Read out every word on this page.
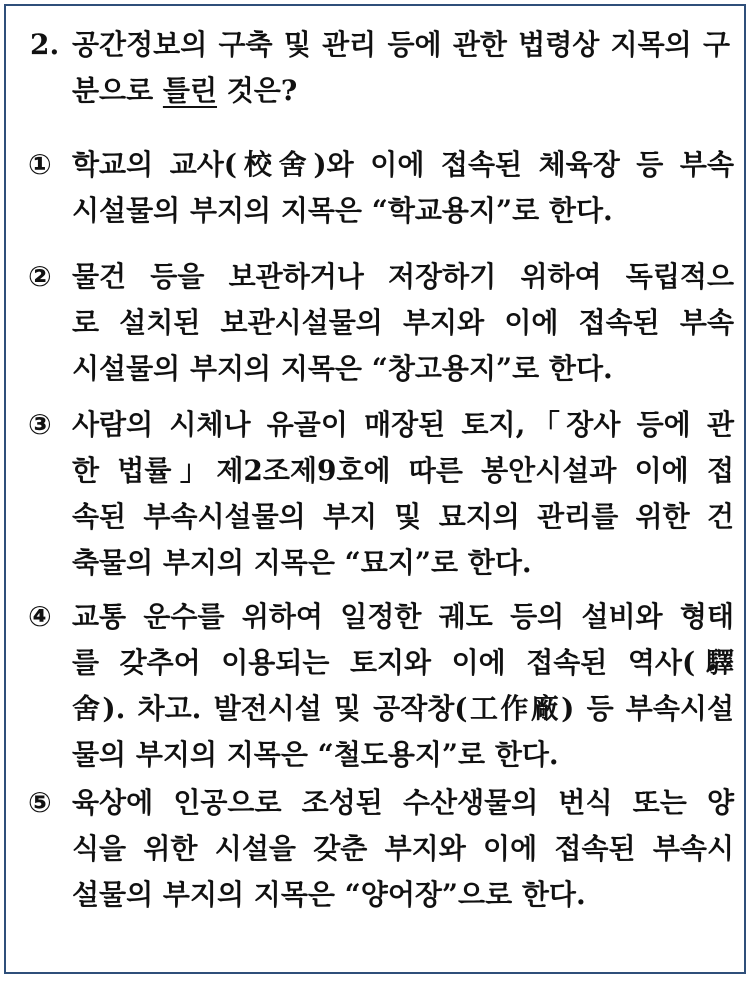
2. 공간정보의 구축 및 관리 등에 관한 법령상 지목의 구분으로 틀린 것은?
① 학교의 교사(校舍)와 이에 접속된 체육장 등 부속
시설물의 부지의 지목은 “학교용지”로 한다.
② 물건 등을 보관하거나 저장하기 위하여 독립적으
로 설치된 보관시설물의 부지와 이에 접속된 부속
시설물의 부지의 지목은 “창고용지”로 한다.
③ 사람의 시체나 유골이 매장된 토지,「장사 등에 관
한 법률」제2조제9호에 따른 봉안시설과 이에 접
속된 부속시설물의 부지 및 묘지의 관리를 위한 건
축물의 부지의 지목은 “묘지”로 한다.
④ 교통 운수를 위하여 일정한 궤도 등의 설비와 형태
를 갖추어 이용되는 토지와 이에 접속된 역사(驛
舍). 차고. 발전시설 및 공작창(工作廠) 등 부속시설
물의 부지의 지목은 “철도용지”로 한다.
⑤ 육상에 인공으로 조성된 수산생물의 번식 또는 양
식을 위한 시설을 갖춘 부지와 이에 접속된 부속시
설물의 부지의 지목은 “양어장”으로 한다.
